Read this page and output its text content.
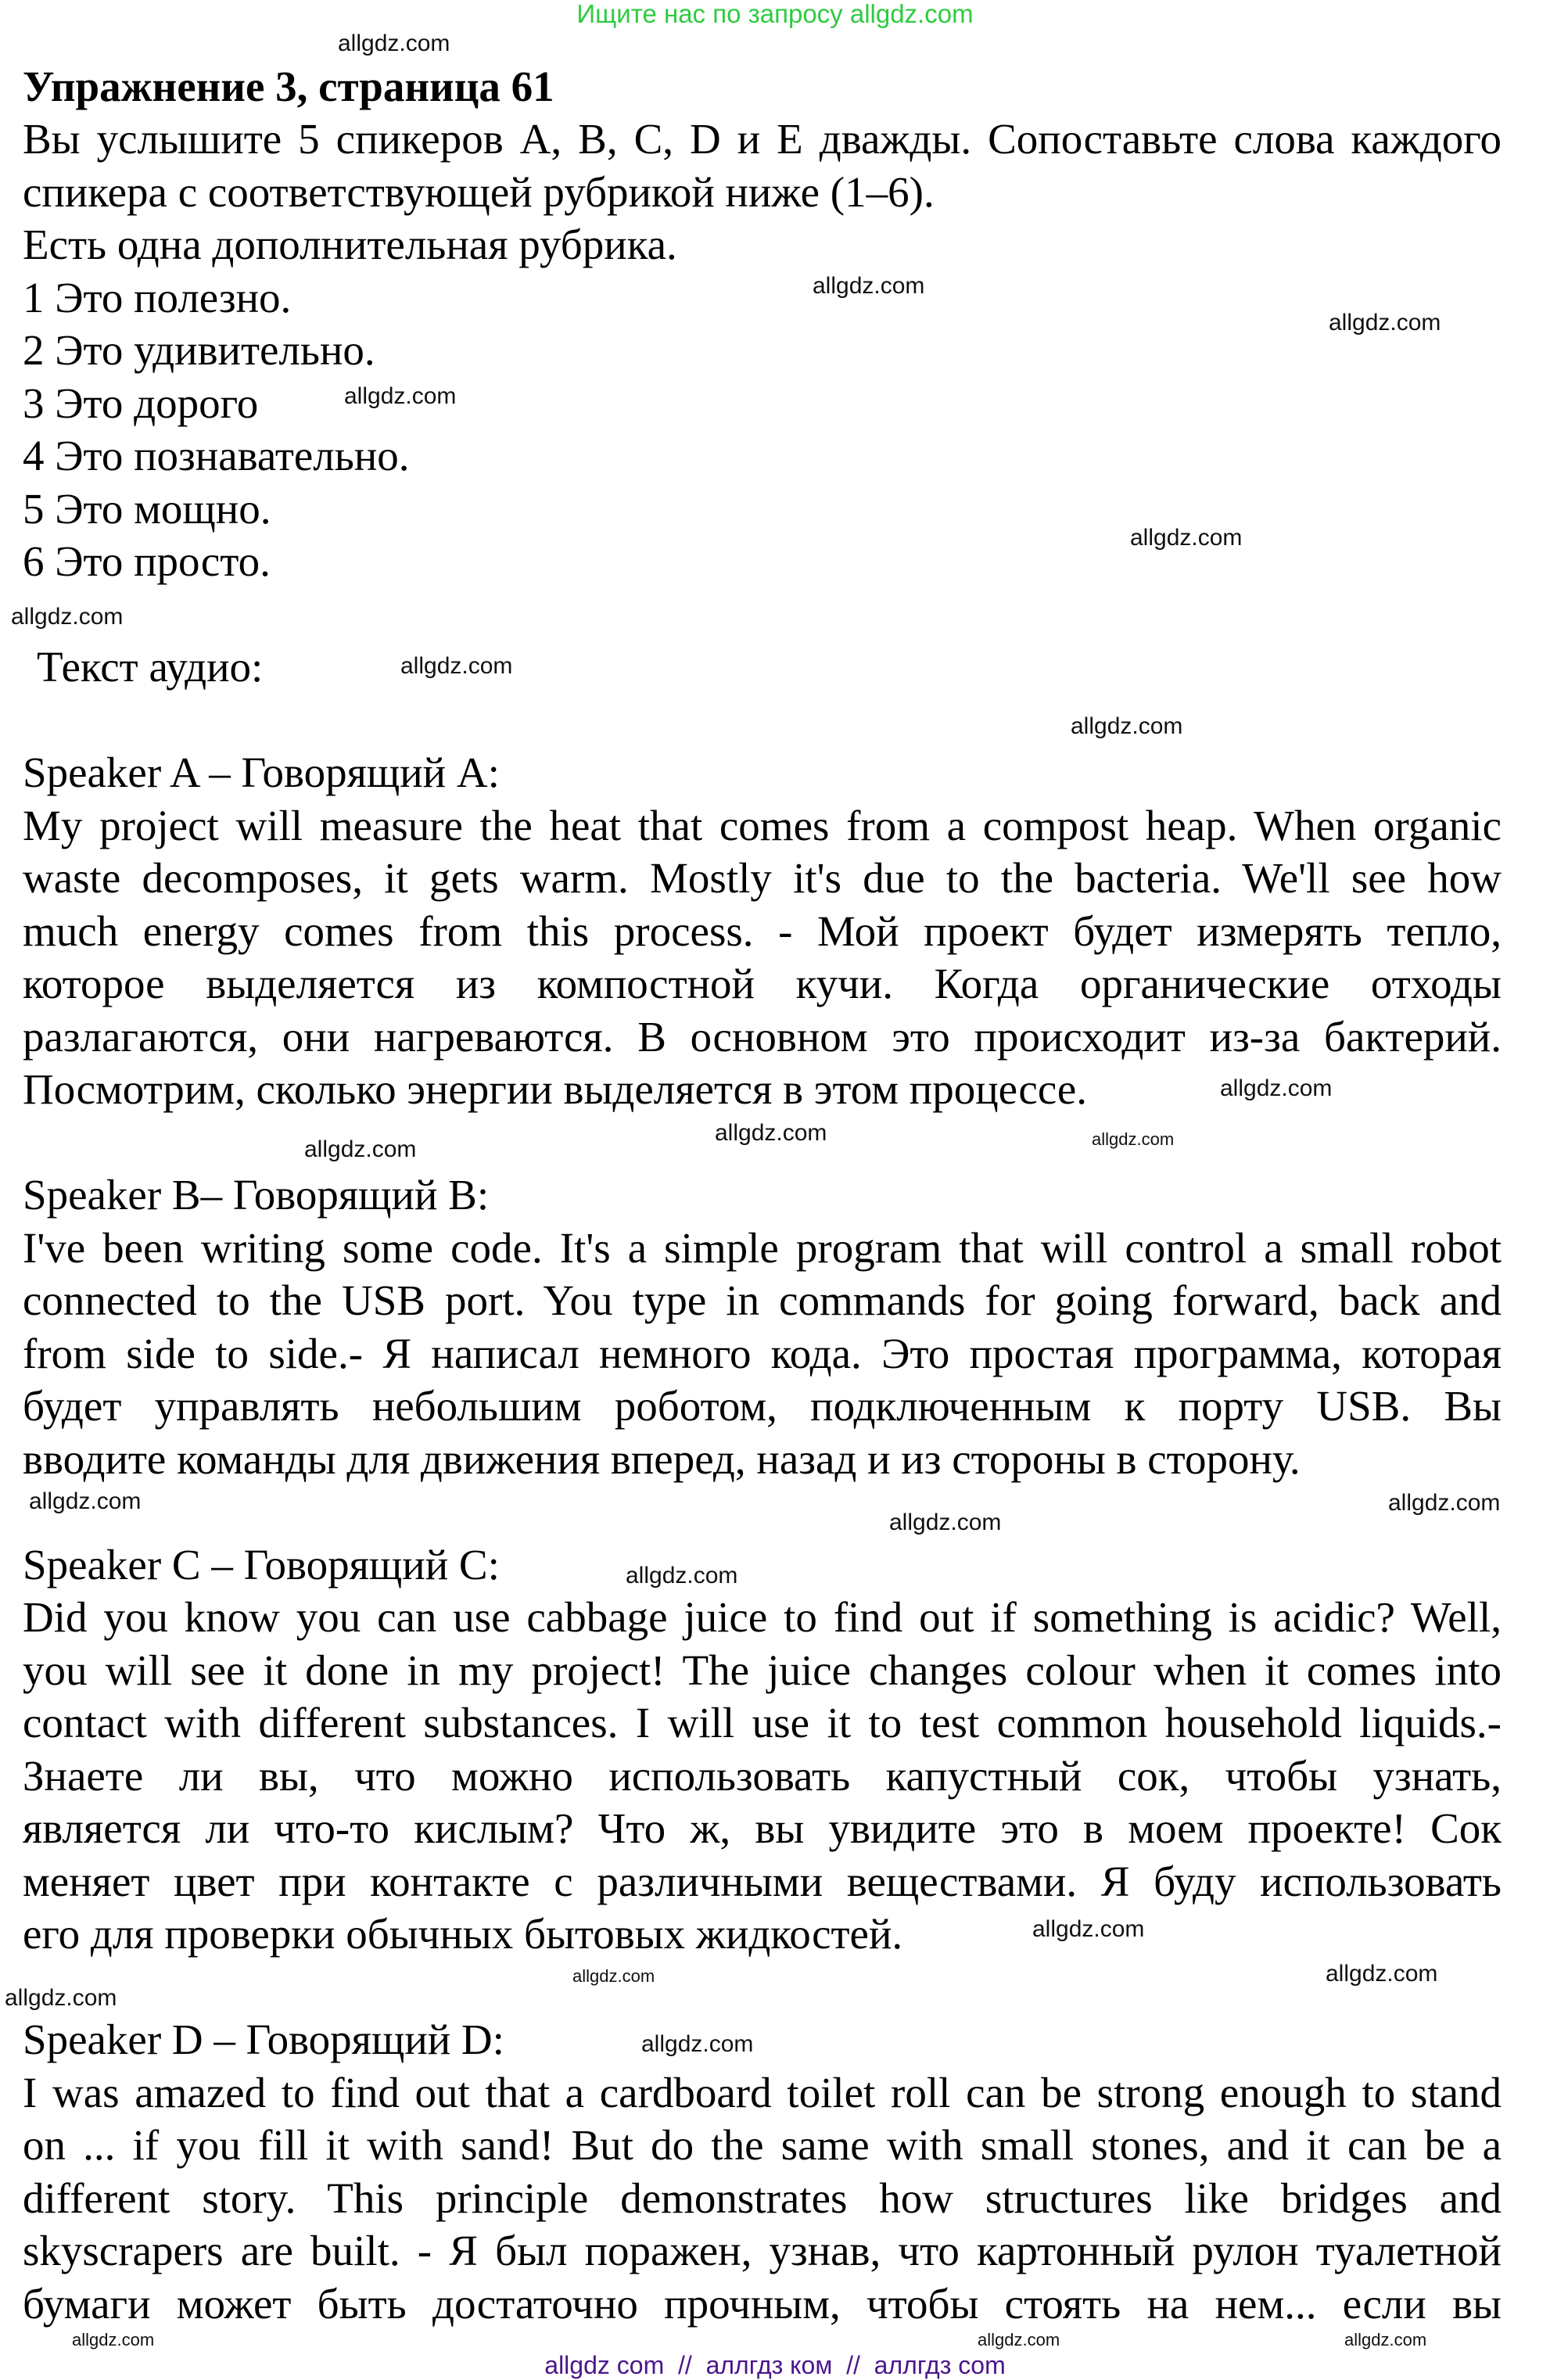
Ищите нас по запросу allgdz.com
Упражнение 3, страница 61
Вы услышите 5 спикеров A, B, C, D и E дважды. Сопоставьте слова каждого
спикера с соответствующей рубрикой ниже (1–6).
Есть одна дополнительная рубрика.
1 Это полезно.
2 Это удивительно.
3 Это дорого
4 Это познавательно.
5 Это мощно.
6 Это просто.
Текст аудио:
Speaker A – Говорящий A:
My project will measure the heat that comes from a compost heap. When organic
waste decomposes, it gets warm. Mostly it's due to the bacteria. We'll see how
much energy comes from this process. - Мой проект будет измерять тепло,
которое выделяется из компостной кучи. Когда органические отходы
разлагаются, они нагреваются. В основном это происходит из-за бактерий.
Посмотрим, сколько энергии выделяется в этом процессе.
Speaker B– Говорящий B:
I've been writing some code. It's a simple program that will control a small robot
connected to the USB port. You type in commands for going forward, back and
from side to side.- Я написал немного кода. Это простая программа, которая
будет управлять небольшим роботом, подключенным к порту USB. Вы
вводите команды для движения вперед, назад и из стороны в сторону.
Speaker C – Говорящий C:
Did you know you can use cabbage juice to find out if something is acidic? Well,
you will see it done in my project! The juice changes colour when it comes into
contact with different substances. I will use it to test common household liquids.-
Знаете ли вы, что можно использовать капустный сок, чтобы узнать,
является ли что-то кислым? Что ж, вы увидите это в моем проекте! Сок
меняет цвет при контакте с различными веществами. Я буду использовать
его для проверки обычных бытовых жидкостей.
Speaker D – Говорящий D:
I was amazed to find out that a cardboard toilet roll can be strong enough to stand
on ... if you fill it with sand! But do the same with small stones, and it can be a
different story. This principle demonstrates how structures like bridges and
skyscrapers are built. - Я был поражен, узнав, что картонный рулон туалетной
бумаги может быть достаточно прочным, чтобы стоять на нем... если вы
allgdz.com
allgdz.com
allgdz.com
allgdz.com
allgdz.com
allgdz.com
allgdz.com
allgdz.com
allgdz.com
allgdz.com
allgdz.com
allgdz.com
allgdz.com
allgdz.com
allgdz.com
allgdz.com
allgdz.com
allgdz.com
allgdz.com
allgdz.com
allgdz.com
allgdz.com	allgdz.com
allgdz.com
allgdz com  //  аллгдз ком  //  аллгдз com
